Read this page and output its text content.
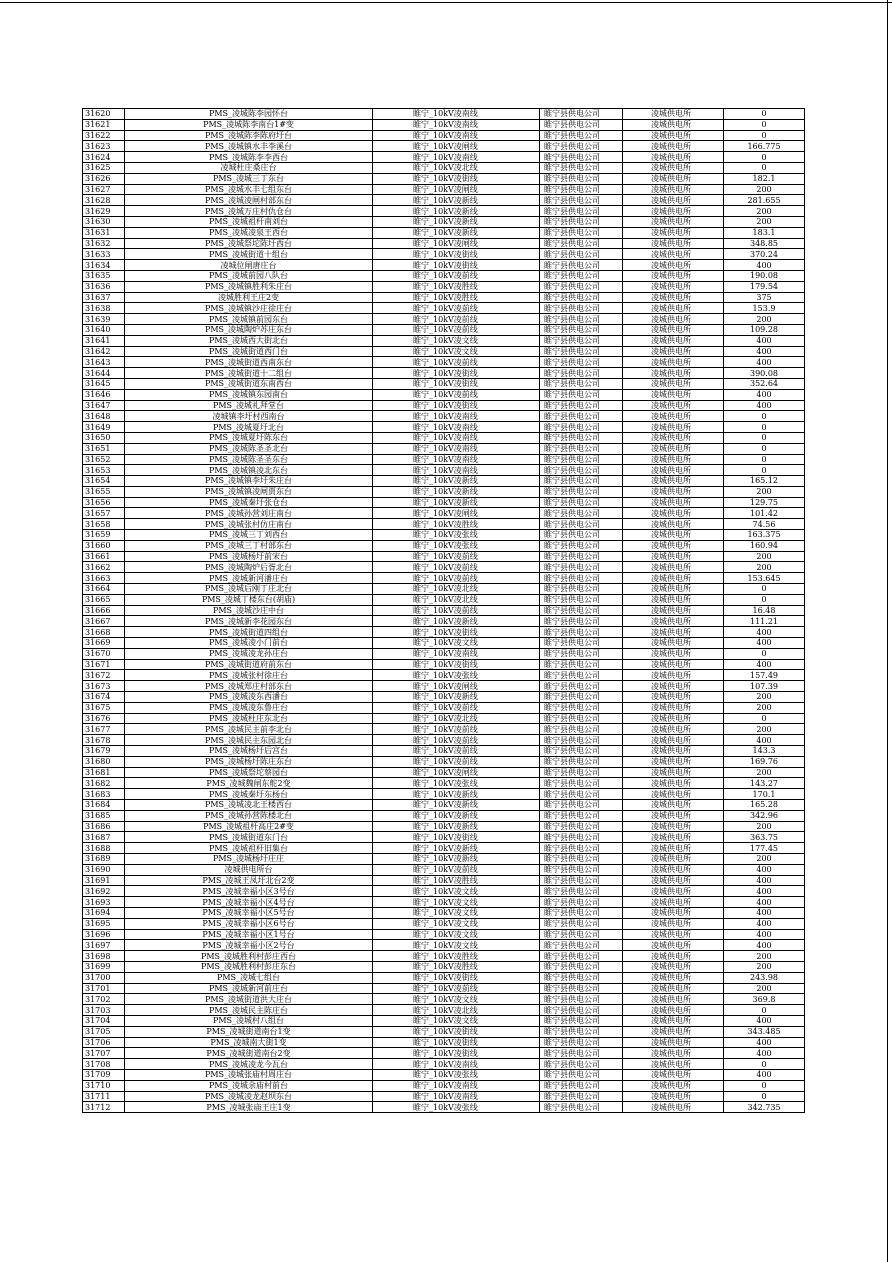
31620	PMS_凌城陈李园怀台	睢宁_10kV凌南线	睢宁县供电公司	凌城供电所	0
31621	PMS_凌城陈李南台1#变	睢宁_10kV凌南线	睢宁县供电公司	凌城供电所	0
31622	PMS_凌城陈李陈府圩台	睢宁_10kV凌南线	睢宁县供电公司	凌城供电所	0
31623	PMS_凌城镇水丰李溪台	睢宁_10kV凌闸线	睢宁县供电公司	凌城供电所	166.775
31624	PMS_凌城陈李李西台	睢宁_10kV凌南线	睢宁县供电公司	凌城供电所	0
31625	凌城杜庄桑庄台	睢宁_10kV凌北线	睢宁县供电公司	凌城供电所	0
31626	PMS_凌城三丁东台	睢宁_10kV凌街线	睢宁县供电公司	凌城供电所	182.1
31627	PMS_凌城水丰七组东台	睢宁_10kV凌闸线	睢宁县供电公司	凌城供电所	200
31628	PMS_凌城凌闸村部东台	睢宁_10kV凌新线	睢宁县供电公司	凌城供电所	281.655
31629	PMS_凌城万庄村仇仓台	睢宁_10kV凌新线	睢宁县供电公司	凌城供电所	200
31630	PMS_凌城祖杆南刘台	睢宁_10kV凌新线	睢宁县供电公司	凌城供电所	200
31631	PMS_凌城凌泉王西台	睢宁_10kV凌新线	睢宁县供电公司	凌城供电所	183.1
31632	PMS_凌城祭坨陈圩西台	睢宁_10kV凌闸线	睢宁县供电公司	凌城供电所	348.85
31633	PMS_凌城街道十组台	睢宁_10kV凌街线	睢宁县供电公司	凌城供电所	370.24
31634	凌城位闸唐庄台	睢宁_10kV凌街线	睢宁县供电公司	凌城供电所	400
31635	PMS_凌城前园八队台	睢宁_10kV凌前线	睢宁县供电公司	凌城供电所	190.08
31636	PMS_凌城镇胜利朱庄台	睢宁_10kV凌胜线	睢宁县供电公司	凌城供电所	179.54
31637	凌城胜利王庄2变	睢宁_10kV凌胜线	睢宁县供电公司	凌城供电所	375
31638	PMS_凌城镇沙庄徐庄台	睢宁_10kV凌前线	睢宁县供电公司	凌城供电所	153.9
31639	PMS_凌城镇前园东台	睢宁_10kV凌前线	睢宁县供电公司	凌城供电所	200
31640	PMS_凌城陶炉苏庄东台	睢宁_10kV凌前线	睢宁县供电公司	凌城供电所	109.28
31641	PMS_凌城西大街北台	睢宁_10kV凌文线	睢宁县供电公司	凌城供电所	400
31642	PMS_凌城街道西门台	睢宁_10kV凌文线	睢宁县供电公司	凌城供电所	400
31643	PMS_凌城街道西南东台	睢宁_10kV凌前线	睢宁县供电公司	凌城供电所	400
31644	PMS_凌城街道十二组台	睢宁_10kV凌街线	睢宁县供电公司	凌城供电所	390.08
31645	PMS_凌城街道东南西台	睢宁_10kV凌街线	睢宁县供电公司	凌城供电所	352.64
31646	PMS_凌城镇东园南台	睢宁_10kV凌前线	睢宁县供电公司	凌城供电所	400
31647	PMS_凌城礼拜堂台	睢宁_10kV凌街线	睢宁县供电公司	凌城供电所	400
31648	凌城镇李圩村西南台	睢宁_10kV凌南线	睢宁县供电公司	凌城供电所	0
31649	PMS_凌城夏圩北台	睢宁_10kV凌南线	睢宁县供电公司	凌城供电所	0
31650	PMS_凌城夏圩陈东台	睢宁_10kV凌南线	睢宁县供电公司	凌城供电所	0
31651	PMS_凌城陈圣圣北台	睢宁_10kV凌南线	睢宁县供电公司	凌城供电所	0
31652	PMS_凌城陈圣圣东台	睢宁_10kV凌南线	睢宁县供电公司	凌城供电所	0
31653	PMS_凌城镇凌北东台	睢宁_10kV凌南线	睢宁县供电公司	凌城供电所	0
31654	PMS_凌城镇李圩朱庄台	睢宁_10kV凌新线	睢宁县供电公司	凌城供电所	165.12
31655	PMS_凌城镇凌闸贾东台	睢宁_10kV凌新线	睢宁县供电公司	凌城供电所	200
31656	PMS_凌城秦圩张仓台	睢宁_10kV凌新线	睢宁县供电公司	凌城供电所	129.75
31657	PMS_凌城孙营刘庄南台	睢宁_10kV凌闸线	睢宁县供电公司	凌城供电所	101.42
31658	PMS_凌城张村仿庄南台	睢宁_10kV凌胜线	睢宁县供电公司	凌城供电所	74.56
31659	PMS_凌城三丁刘西台	睢宁_10kV凌张线	睢宁县供电公司	凌城供电所	163.375
31660	PMS_凌城三丁村部东台	睢宁_10kV凌张线	睢宁县供电公司	凌城供电所	160.94
31661	PMS_凌城杨圩前宋台	睢宁_10kV凌前线	睢宁县供电公司	凌城供电所	200
31662	PMS_凌城陶炉后胥北台	睢宁_10kV凌前线	睢宁县供电公司	凌城供电所	200
31663	PMS_凌城新河潘庄台	睢宁_10kV凌前线	睢宁县供电公司	凌城供电所	153.645
31664	PMS_凌城后刚丁庄北台	睢宁_10kV凌北线	睢宁县供电公司	凌城供电所	0
31665	PMS_凌城丁楼东台(胡庙)	睢宁_10kV凌北线	睢宁县供电公司	凌城供电所	0
31666	PMS_凌城沙庄中台	睢宁_10kV凌前线	睢宁县供电公司	凌城供电所	16.48
31667	PMS_凌城新李花园东台	睢宁_10kV凌新线	睢宁县供电公司	凌城供电所	111.21
31668	PMS_凌城街道四组台	睢宁_10kV凌街线	睢宁县供电公司	凌城供电所	400
31669	PMS_凌城凌小门前台	睢宁_10kV凌文线	睢宁县供电公司	凌城供电所	400
31670	PMS_凌城凌龙孙庄台	睢宁_10kV凌南线	睢宁县供电公司	凌城供电所	0
31671	PMS_凌城街道府前东台	睢宁_10kV凌街线	睢宁县供电公司	凌城供电所	400
31672	PMS_凌城张村徐庄台	睢宁_10kV凌张线	睢宁县供电公司	凌城供电所	157.49
31673	PMS_凌城郑庄村部东台	睢宁_10kV凌闸线	睢宁县供电公司	凌城供电所	107.39
31674	PMS_凌城凌东西潘台	睢宁_10kV凌新线	睢宁县供电公司	凌城供电所	200
31675	PMS_凌城凌东鲁庄台	睢宁_10kV凌前线	睢宁县供电公司	凌城供电所	200
31676	PMS_凌城杜庄东北台	睢宁_10kV凌北线	睢宁县供电公司	凌城供电所	0
31677	PMS_凌城民主前李北台	睢宁_10kV凌前线	睢宁县供电公司	凌城供电所	200
31678	PMS_凌城民主东园北台	睢宁_10kV凌前线	睢宁县供电公司	凌城供电所	400
31679	PMS_凌城杨圩后宫台	睢宁_10kV凌前线	睢宁县供电公司	凌城供电所	143.3
31680	PMS_凌城杨圩陈庄东台	睢宁_10kV凌前线	睢宁县供电公司	凌城供电所	169.76
31681	PMS_凌城祭坨蔡园台	睢宁_10kV凌闸线	睢宁县供电公司	凌城供电所	200
31682	PMS_凌城魏闸东舵2变	睢宁_10kV凌张线	睢宁县供电公司	凌城供电所	143.27
31683	PMS_凌城秦圩东杨台	睢宁_10kV凌新线	睢宁县供电公司	凌城供电所	170.1
31684	PMS_凌城凌北王楼西台	睢宁_10kV凌新线	睢宁县供电公司	凌城供电所	165.28
31685	PMS_凌城孙营陈楼北台	睢宁_10kV凌新线	睢宁县供电公司	凌城供电所	342.96
31686	PMS_凌城祖杆高庄2#变	睢宁_10kV凌新线	睢宁县供电公司	凌城供电所	200
31687	PMS_凌城街道东门台	睢宁_10kV凌街线	睢宁县供电公司	凌城供电所	363.75
31688	PMS_凌城祖杆旧集台	睢宁_10kV凌新线	睢宁县供电公司	凌城供电所	177.45
31689	PMS_凌城杨圩庄庄	睢宁_10kV凌新线	睢宁县供电公司	凌城供电所	200
31690	凌城供电所台	睢宁_10kV凌前线	睢宁县供电公司	凌城供电所	400
31691	PMS_凌城王凤圩北台2变	睢宁_10kV凌胜线	睢宁县供电公司	凌城供电所	400
31692	PMS_凌城幸福小区3号台	睢宁_10kV凌文线	睢宁县供电公司	凌城供电所	400
31693	PMS_凌城幸福小区4号台	睢宁_10kV凌文线	睢宁县供电公司	凌城供电所	400
31694	PMS_凌城幸福小区5号台	睢宁_10kV凌文线	睢宁县供电公司	凌城供电所	400
31695	PMS_凌城幸福小区6号台	睢宁_10kV凌文线	睢宁县供电公司	凌城供电所	400
31696	PMS_凌城幸福小区1号台	睢宁_10kV凌文线	睢宁县供电公司	凌城供电所	400
31697	PMS_凌城幸福小区2号台	睢宁_10kV凌文线	睢宁县供电公司	凌城供电所	400
31698	PMS_凌城胜利村彭庄西台	睢宁_10kV凌胜线	睢宁县供电公司	凌城供电所	200
31699	PMS_凌城胜利村彭庄东台	睢宁_10kV凌胜线	睢宁县供电公司	凌城供电所	200
31700	PMS_凌城七组台	睢宁_10kV凌街线	睢宁县供电公司	凌城供电所	243.98
31701	PMS_凌城新河前庄台	睢宁_10kV凌前线	睢宁县供电公司	凌城供电所	200
31702	PMS_凌城街道洪大庄台	睢宁_10kV凌文线	睢宁县供电公司	凌城供电所	369.8
31703	PMS_凌城民主陈庄台	睢宁_10kV凌北线	睢宁县供电公司	凌城供电所	0
31704	PMS_凌城村八组台	睢宁_10kV凌文线	睢宁县供电公司	凌城供电所	400
31705	PMS_凌城街道南台1变	睢宁_10kV凌街线	睢宁县供电公司	凌城供电所	343.485
31706	PMS_凌城南大街1变	睢宁_10kV凌街线	睢宁县供电公司	凌城供电所	400
31707	PMS_凌城街道南台2变	睢宁_10kV凌街线	睢宁县供电公司	凌城供电所	400
31708	PMS_凌城凌龙今瓦台	睢宁_10kV凌南线	睢宁县供电公司	凌城供电所	0
31709	PMS_凌城张庙村周庄台	睢宁_10kV凌张线	睢宁县供电公司	凌城供电所	400
31710	PMS_凌城余庙村前台	睢宁_10kV凌南线	睢宁县供电公司	凌城供电所	0
31711	PMS_凌城凌龙赵坝东台	睢宁_10kV凌南线	睢宁县供电公司	凌城供电所	0
31712	PMS_凌城张庙王庄1变	睢宁_10kV凌张线	睢宁县供电公司	凌城供电所	342.735
